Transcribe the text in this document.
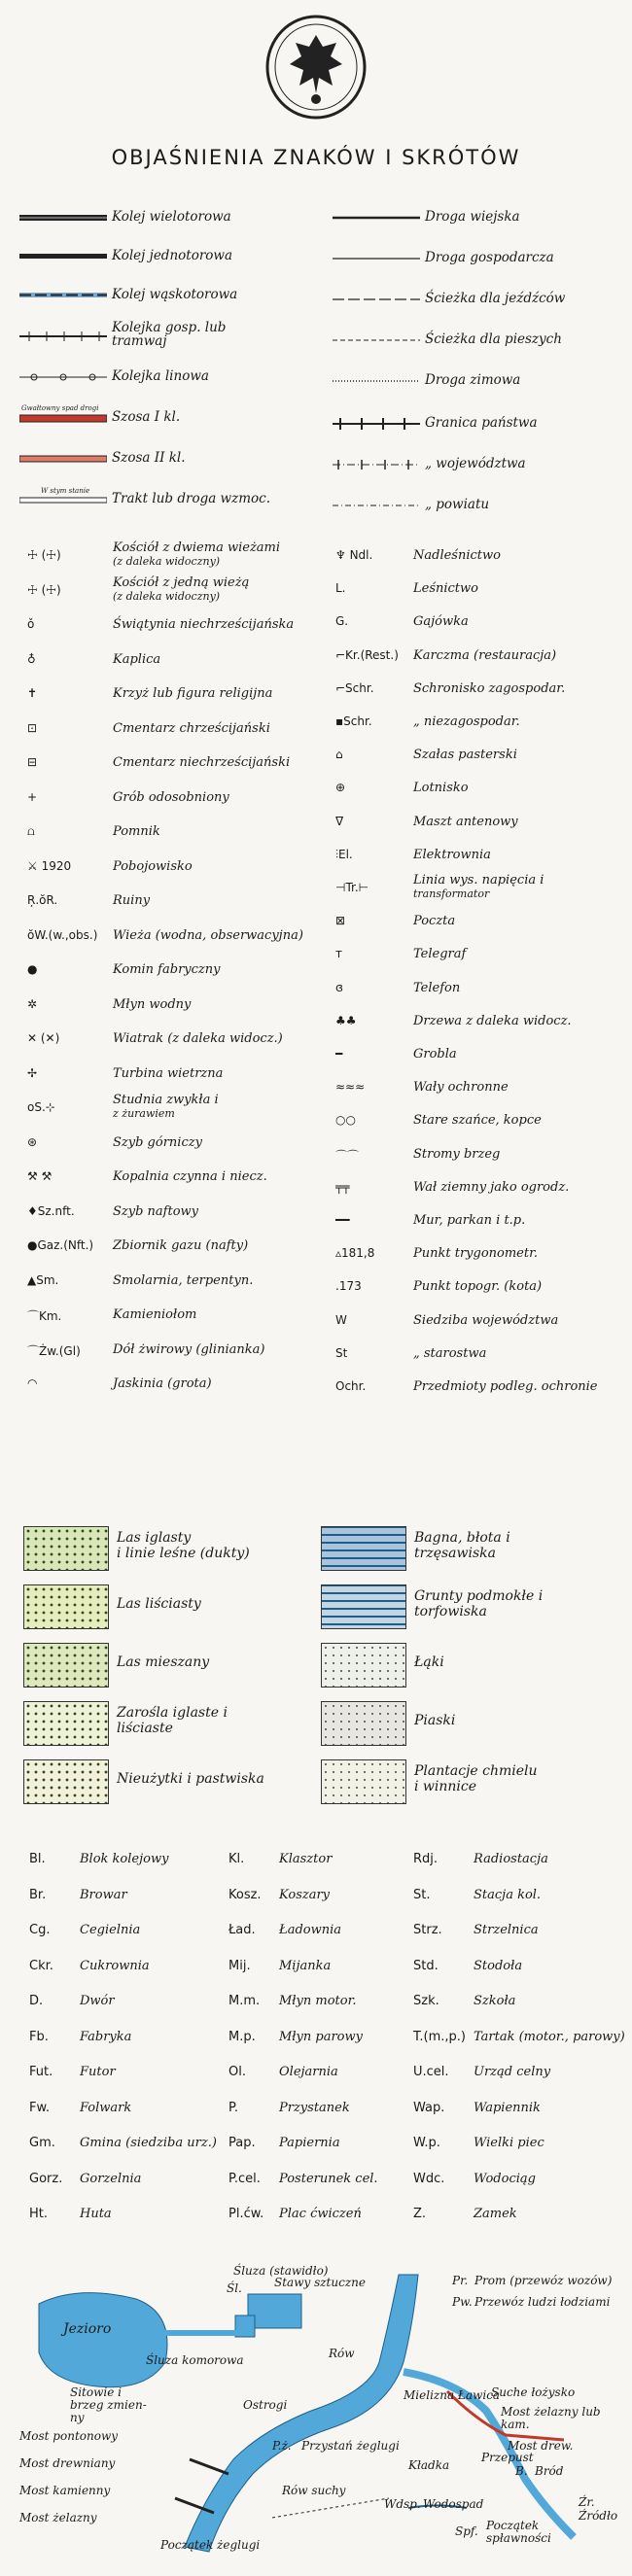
OBJAŚNIENIA ZNAKÓW I SKRÓTÓW
Kolej wielotorowa
Kolej jednotorowa
Kolej wąskotorowa
Kolejka gosp. lub tramwaj
Kolejka linowa
Gwałtowny spad drogi
Szosa I kl.
Szosa II kl.
W stym stanie Trakt lub droga wzmoc.
Droga wiejska
Droga gospodarcza
Ścieżka dla jeźdźców
Ścieżka dla pieszych
Droga zimowa
Granica państwa
„ województwa
„ powiatu
☩ (☩)	Kościół z dwiema wieżami
(z daleka widoczny)
☩ (☩)	Kościół z jedną wieżą
(z daleka widoczny)
ǒ	Świątynia niechrześcijańska
♁	Kaplica
✝	Krzyż lub figura religijna
⊡	Cmentarz chrześcijański
⊟	Cmentarz niechrześcijański
+	Grób odosobniony
⩍	Pomnik
⚔ 1920	Pobojowisko
Ŗ.ŏR.	Ruiny
ŏW.(w.,obs.) Wieża (wodna, obserwacyjna)
●	Komin fabryczny
✲	Młyn wodny
✕ (✕)	Wiatrak (z daleka widocz.)
✢	Turbina wietrzna
oS.⊹	Studnia zwykła i
z żurawiem
⊛	Szyb górniczy
⚒ ⚒	Kopalnia czynna i niecz.
♦Sz.nft.	Szyb naftowy
●Gaz.(Nft.) Zbiornik gazu (nafty)
▲Sm.	Smolarnia, terpentyn.
⌒Km.	Kamieniołom
⌒Żw.(Gl)	Dół żwirowy (glinianka)
◠	Jaskinia (grota)
♆ Ndl.	Nadleśnictwo
L.	Leśnictwo
G.	Gajówka
⌐Kr.(Rest.) Karczma (restauracja)
⌐Schr.	Schronisko zagospodar.
▪Schr.	„ niezagospodar.
⌂	Szałas pasterski
⊕	Lotnisko
ᐁ	Maszt antenowy
⫶El.	Elektrownia
⊣Tr.⊢	Linia wys. napięcia i
transformator
⊠	Poczta
ᴛ	Telegraf
ɞ	Telefon
♣♣	Drzewa z daleka widocz.
━	Grobla
≈≈≈	Wały ochronne
○○	Stare szańce, kopce
⌒⌒	Stromy brzeg
╤╤	Wał ziemny jako ogrodz.
━━	Mur, parkan i t.p.
▵181,8	Punkt trygonometr.
.173	Punkt topogr. (kota)
W	Siedziba województwa
St	„ starostwa
Ochr.	Przedmioty podleg. ochronie
Las iglasty
i linie leśne (dukty)
Las liściasty
Las mieszany
Zarośla iglaste i
liściaste
Nieużytki i pastwiska
Bagna, błota i
trzęsawiska
Grunty podmokłe i
torfowiska
Łąki
Piaski
Plantacje chmielu
i winnice
Bl.	Blok kolejowy
Br.	Browar
Cg. Cegielnia
Ckr. Cukrownia
D.	Dwór
Fb. Fabryka
Fut. Futor
Fw. Folwark
Gm. Gmina (siedziba urz.)
Gorz. Gorzelnia
Ht.	Huta
Kl.	Klasztor
Kosz. Koszary
Ład. Ładownia
Mij. Mijanka
M.m. Młyn motor.
M.p. Młyn parowy
Ol.	Olejarnia
P.	Przystanek
Pap. Papiernia
P.cel. Posterunek cel.
Pl.ćw. Plac ćwiczeń
Rdj.	Radiostacja
St.	Stacja kol.
Strz. Strzelnica
Std.	Stodoła
Szk.	Szkoła
T.(m.,p.) Tartak (motor., parowy)
U.cel. Urząd celny
Wap. Wapiennik
W.p.	Wielki piec
Wdc. Wodociąg
Z.	Zamek
Śluza (stawidło)
Śl.	Stawy sztuczne
Jezioro
Śluza komorowa	Rów
Sitowie i brzeg zmien-ny
Ostrogi
Mielizna Ławica
Most pontonowy
P.ż. Przystań żeglugi
Most drewniany	Kładka
Przepust
Most kamienny	Rów suchy
Most żelazny
Wdsp. Wodospad
Początek żeglugi
Pr. Prom (przewóz wozów)
Pw. Przewóz ludzi łodziami
Suche łożysko
Most żelazny lub kam.
Most drew.
B. Bród
Źr.
Źródło
Spf. Początek spławności
